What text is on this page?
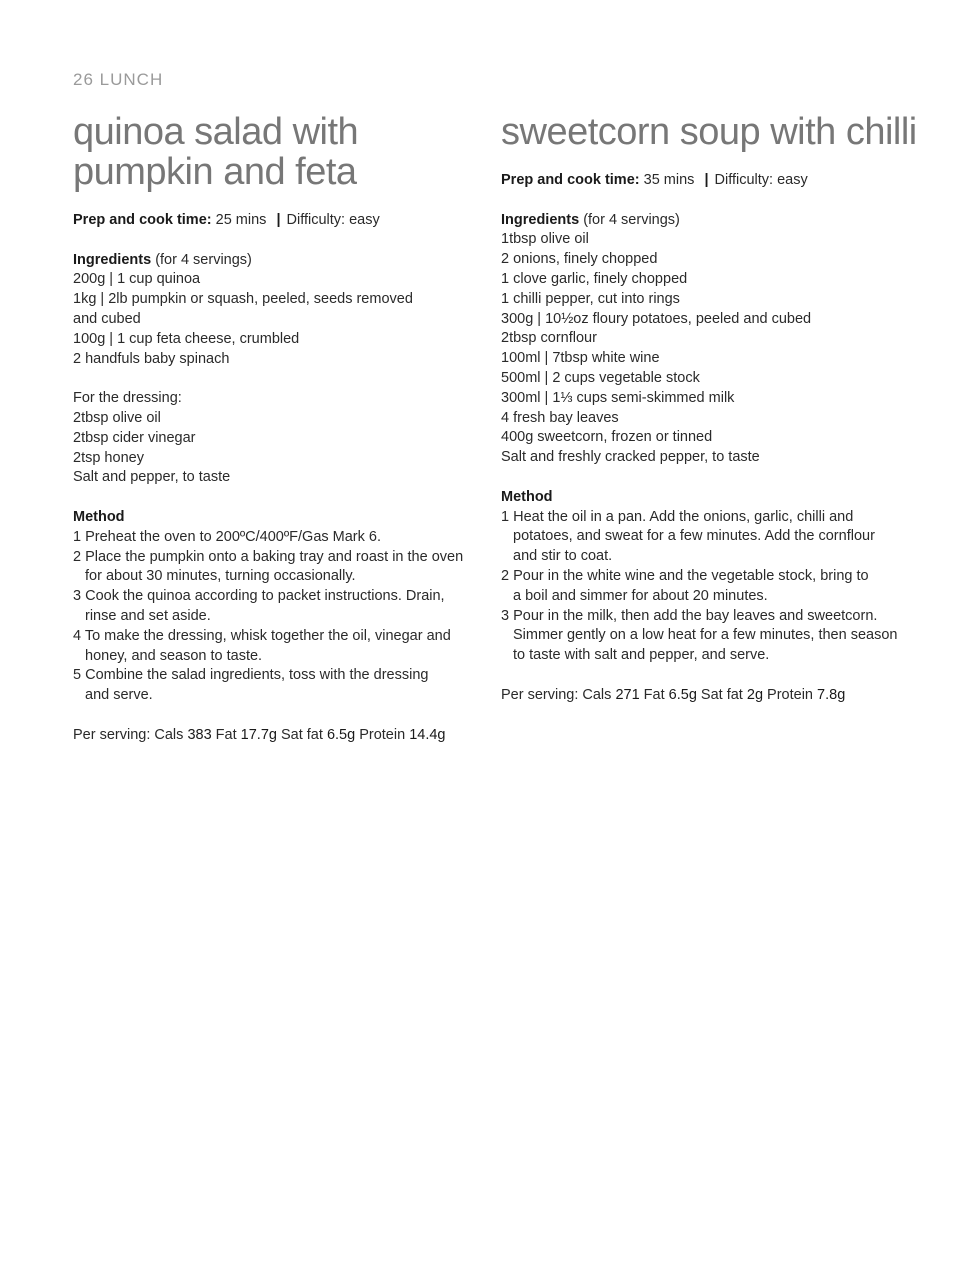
26 LUNCH
quinoa salad with
pumpkin and feta

Prep and cook time: 25 mins | Difficulty: easy

Ingredients (for 4 servings)

200g | 1 cup quinoa

1kg | 2lb pumpkin or squash, peeled, seeds removed

and cubed

100g | 1 cup feta cheese, crumbled

2 handfuls baby spinach

For the dressing:

2tbsp olive oil

2tbsp cider vinegar

2tsp honey

Salt and pepper, to taste

Method

1 Preheat the oven to 200ºC/400ºF/Gas Mark 6.

2 Place the pumpkin onto a baking tray and roast in the oven

for about 30 minutes, turning occasionally.

3 Cook the quinoa according to packet instructions. Drain,

rinse and set aside.

4 To make the dressing, whisk together the oil, vinegar and

honey, and season to taste.

5 Combine the salad ingredients, toss with the dressing

and serve.

Per serving: Cals 383 Fat 17.7g Sat fat 6.5g Protein 14.4g

sweetcorn soup with chilli

Prep and cook time: 35 mins | Difficulty: easy

Ingredients (for 4 servings)

1tbsp olive oil

2 onions, finely chopped

1 clove garlic, finely chopped

1 chilli pepper, cut into rings

300g | 10½oz floury potatoes, peeled and cubed

2tbsp cornflour

100ml | 7tbsp white wine

500ml | 2 cups vegetable stock

300ml | 1⅓ cups semi-skimmed milk

4 fresh bay leaves

400g sweetcorn, frozen or tinned

Salt and freshly cracked pepper, to taste

Method

1 Heat the oil in a pan. Add the onions, garlic, chilli and

potatoes, and sweat for a few minutes. Add the cornflour

and stir to coat.

2 Pour in the white wine and the vegetable stock, bring to

a boil and simmer for about 20 minutes.

3 Pour in the milk, then add the bay leaves and sweetcorn.

Simmer gently on a low heat for a few minutes, then season

to taste with salt and pepper, and serve.

Per serving: Cals 271 Fat 6.5g Sat fat 2g Protein 7.8g
